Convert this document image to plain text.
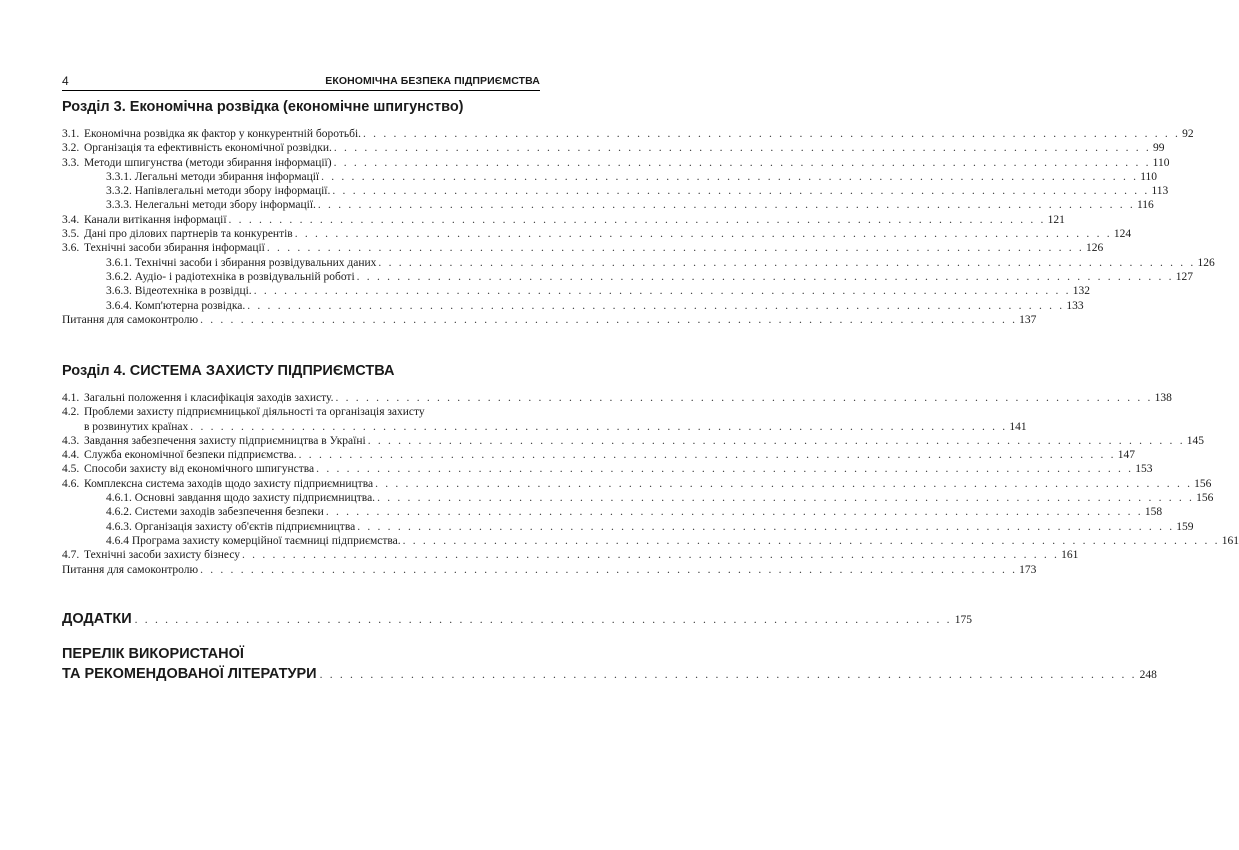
4	ЕКОНОМІЧНА БЕЗПЕКА ПІДПРИЄМСТВА
Розділ 3. Економічна розвідка (економічне шпигунство)
3.1. Економічна розвідка як фактор у конкурентній боротьбі. . . . . . . . . . . . . . . . . . . . . . . . . . . . . . . . . . . . . . . . . . . . . . . . . . . . . . . . . . . . . . . . . . . . . . . . . . . . . . . . . . 92
3.2. Організація та ефективність економічної розвідки. . . . . . . . . . . . . . . . . . . . . . . . . . . . . . . . . . . . . . . . . . . . . . . . . . . . . . . . . . . . . . . . . . . . . . . . . . . . . . . . . . 99
3.3. Методи шпигунства (методи збирання інформації) . . . . . . . . . . . . . . . . . . . . . . . . . . . . . . . . . . . . . . . . . . . . . . . . . . . . . . . . . . . . . . . . . . . . . . . . . . . . . . . . . 110
3.3.1. Легальні методи збирання інформації . . . . . . . . . . . . . . . . . . . . . . . . . . . . . . . . . . . . . . . . . . . . . . . . . . . . . . . . . . . . . . . . . . . . . . . . . . . . . . . . . 110
3.3.2. Напівлегальні методи збору інформації. . . . . . . . . . . . . . . . . . . . . . . . . . . . . . . . . . . . . . . . . . . . . . . . . . . . . . . . . . . . . . . . . . . . . . . . . . . . . . . . . . 113
3.3.3. Нелегальні методи збору інформації. . . . . . . . . . . . . . . . . . . . . . . . . . . . . . . . . . . . . . . . . . . . . . . . . . . . . . . . . . . . . . . . . . . . . . . . . . . . . . . . . . 116
3.4. Канали витікання інформації . . . . . . . . . . . . . . . . . . . . . . . . . . . . . . . . . . . . . . . . . . . . . . . . . . . . . . . . . . . . . . . . . . . . . . . . . . . . . . . . . 121
3.5. Дані про ділових партнерів та конкурентів . . . . . . . . . . . . . . . . . . . . . . . . . . . . . . . . . . . . . . . . . . . . . . . . . . . . . . . . . . . . . . . . . . . . . . . . . . . . . . . . . 124
3.6. Технічні засоби збирання інформації . . . . . . . . . . . . . . . . . . . . . . . . . . . . . . . . . . . . . . . . . . . . . . . . . . . . . . . . . . . . . . . . . . . . . . . . . . . . . . . . . 126
3.6.1. Технічні засоби і збирання розвідувальних даних . . . . . . . . . . . . . . . . . . . . . . . . . . . . . . . . . . . . . . . . . . . . . . . . . . . . . . . . . . . . . . . . . . . . . . . . . . . . . . . . . 126
3.6.2. Аудіо- і радіотехніка в розвідувальній роботі . . . . . . . . . . . . . . . . . . . . . . . . . . . . . . . . . . . . . . . . . . . . . . . . . . . . . . . . . . . . . . . . . . . . . . . . . . . . . . . . . 127
3.6.3. Відеотехніка в розвідці. . . . . . . . . . . . . . . . . . . . . . . . . . . . . . . . . . . . . . . . . . . . . . . . . . . . . . . . . . . . . . . . . . . . . . . . . . . . . . . . . . 132
3.6.4. Комп'ютерна розвідка. . . . . . . . . . . . . . . . . . . . . . . . . . . . . . . . . . . . . . . . . . . . . . . . . . . . . . . . . . . . . . . . . . . . . . . . . . . . . . . . . . 133
Питання для самоконтролю . . . . . . . . . . . . . . . . . . . . . . . . . . . . . . . . . . . . . . . . . . . . . . . . . . . . . . . . . . . . . . . . . . . . . . . . . . . . . . . . . 137
Розділ 4. СИСТЕМА ЗАХИСТУ ПІДПРИЄМСТВА
4.1. Загальні положення і класифікація заходів захисту. . . . . . . . . . . . . . . . . . . . . . . . . . . . . . . . . . . . . . . . . . . . . . . . . . . . . . . . . . . . . . . . . . . . . . . . . . . . . . . . . . 138
4.2. Проблеми захисту підприємницької діяльності та організація захисту
в розвинутих країнах . . . . . . . . . . . . . . . . . . . . . . . . . . . . . . . . . . . . . . . . . . . . . . . . . . . . . . . . . . . . . . . . . . . . . . . . . . . . . . . . . 141
4.3. Завдання забезпечення захисту підприємництва в Україні . . . . . . . . . . . . . . . . . . . . . . . . . . . . . . . . . . . . . . . . . . . . . . . . . . . . . . . . . . . . . . . . . . . . . . . . . . . . . . . . . 145
4.4. Служба економічної безпеки підприємства. . . . . . . . . . . . . . . . . . . . . . . . . . . . . . . . . . . . . . . . . . . . . . . . . . . . . . . . . . . . . . . . . . . . . . . . . . . . . . . . . . 147
4.5. Способи захисту від економічного шпигунства . . . . . . . . . . . . . . . . . . . . . . . . . . . . . . . . . . . . . . . . . . . . . . . . . . . . . . . . . . . . . . . . . . . . . . . . . . . . . . . . . 153
4.6. Комплексна система заходів щодо захисту підприємництва . . . . . . . . . . . . . . . . . . . . . . . . . . . . . . . . . . . . . . . . . . . . . . . . . . . . . . . . . . . . . . . . . . . . . . . . . . . . . . . . . 156
4.6.1. Основні завдання щодо захисту підприємництва. . . . . . . . . . . . . . . . . . . . . . . . . . . . . . . . . . . . . . . . . . . . . . . . . . . . . . . . . . . . . . . . . . . . . . . . . . . . . . . . . . 156
4.6.2. Системи заходів забезпечення безпеки . . . . . . . . . . . . . . . . . . . . . . . . . . . . . . . . . . . . . . . . . . . . . . . . . . . . . . . . . . . . . . . . . . . . . . . . . . . . . . . . . 158
4.6.3. Організація захисту об'єктів підприємництва . . . . . . . . . . . . . . . . . . . . . . . . . . . . . . . . . . . . . . . . . . . . . . . . . . . . . . . . . . . . . . . . . . . . . . . . . . . . . . . . . 159
4.6.4 Програма захисту комерційної таємниці підприємства. . . . . . . . . . . . . . . . . . . . . . . . . . . . . . . . . . . . . . . . . . . . . . . . . . . . . . . . . . . . . . . . . . . . . . . . . . . . . . . . . . 161
4.7. Технічні засоби захисту бізнесу . . . . . . . . . . . . . . . . . . . . . . . . . . . . . . . . . . . . . . . . . . . . . . . . . . . . . . . . . . . . . . . . . . . . . . . . . . . . . . . . . 161
Питання для самоконтролю . . . . . . . . . . . . . . . . . . . . . . . . . . . . . . . . . . . . . . . . . . . . . . . . . . . . . . . . . . . . . . . . . . . . . . . . . . . . . . . . . 173
ДОДАТКИ . . . . . . . . . . . . . . . . . . . . . . . . . . . . . . . . . . . . . . . . . . . . . . . . . . . . . . . . . . . . . . . . . . . . . . . . . . . . . . . . . 175
ПЕРЕЛІК ВИКОРИСТАНОЇ
ТА РЕКОМЕНДОВАНОЇ ЛІТЕРАТУРИ . . . . . . . . . . . . . . . . . . . . . . . . . . . . . . . . . . . . . . . . . . . . . . . . . . . . . . . . . . . . . . . . . . . . . . . . . . . . . . . . . 248
